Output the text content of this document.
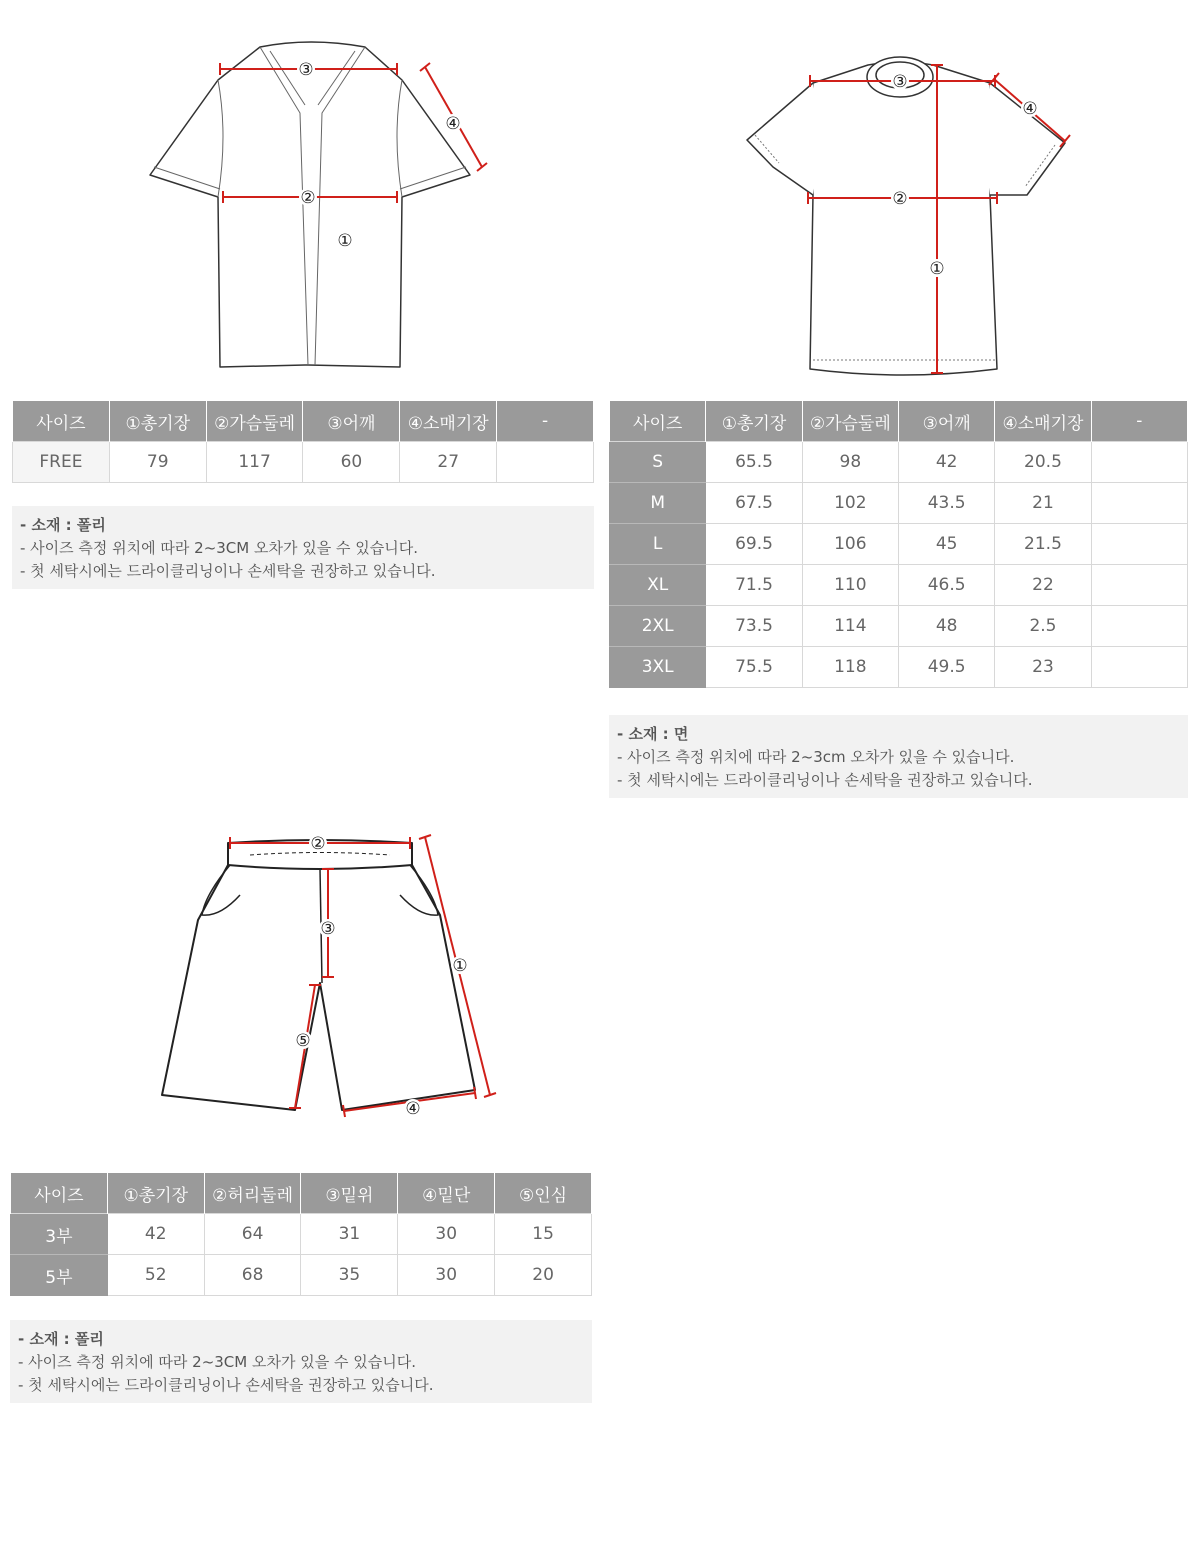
③
②
①
④
③
②
①
④
②
①
③
⑤
④
사이즈	①총기장	②가슴둘레	③어깨	④소매기장	-
FREE	79	117	60	27	
- 소재 : 폴리
- 사이즈 측정 위치에 따라 2~3CM 오차가 있을 수 있습니다.
- 첫 세탁시에는 드라이클리닝이나 손세탁을 권장하고 있습니다.
사이즈	①총기장	②가슴둘레	③어깨	④소매기장	-
S	65.5	98	42	20.5	
M	67.5	102	43.5	21	
L	69.5	106	45	21.5	
XL	71.5	110	46.5	22	
2XL	73.5	114	48	2.5	
3XL	75.5	118	49.5	23	
- 소재 : 면
- 사이즈 측정 위치에 따라 2~3cm 오차가 있을 수 있습니다.
- 첫 세탁시에는 드라이클리닝이나 손세탁을 권장하고 있습니다.
사이즈	①총기장	②허리둘레	③밑위	④밑단	⑤인심
3부	42	64	31	30	15
5부	52	68	35	30	20
- 소재 : 폴리
- 사이즈 측정 위치에 따라 2~3CM 오차가 있을 수 있습니다.
- 첫 세탁시에는 드라이클리닝이나 손세탁을 권장하고 있습니다.
